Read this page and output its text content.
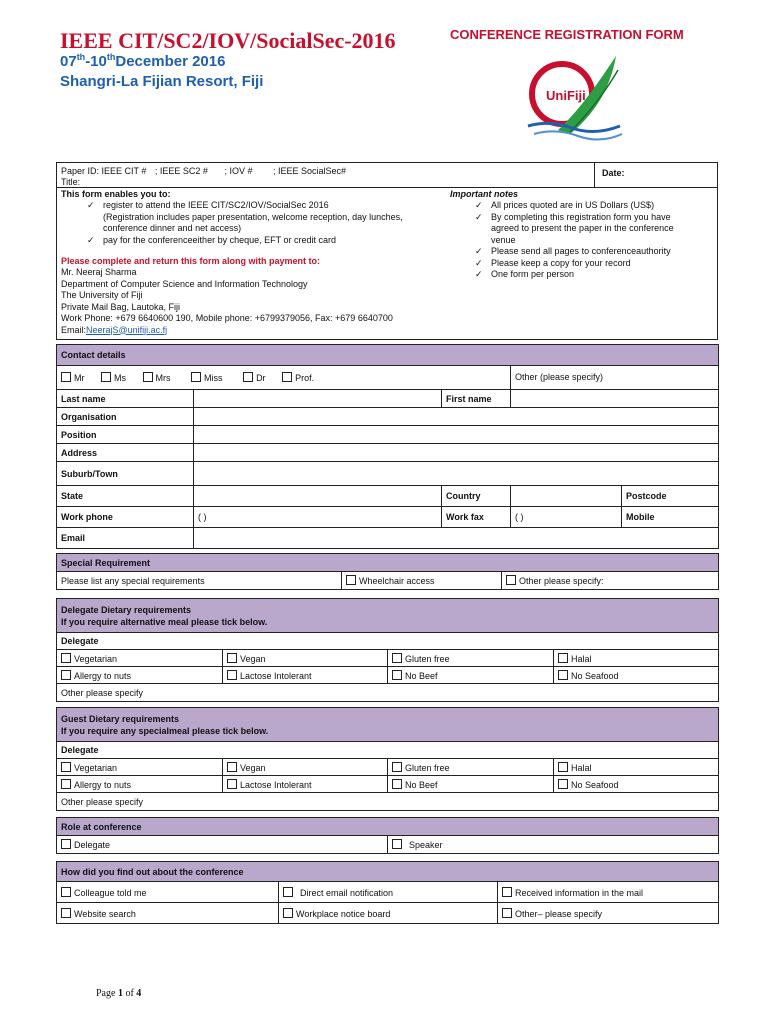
IEEE CIT/SC2/IOV/SocialSec-2016
07th-10thDecember 2016
Shangri-La Fijian Resort, Fiji
CONFERENCE REGISTRATION FORM
UniFiji
Paper ID: IEEE CIT # ; IEEE SC2 # ; IOV # ; IEEE SocialSec#
Title:
Date:
This form enables you to:
✓ register to attend the IEEE CIT/SC2/IOV/SocialSec 2016
(Registration includes paper presentation, welcome reception, day lunches,
conference dinner and net access)
✓ pay for the conferenceeither by cheque, EFT or credit card
Please complete and return this form along with payment to:
Mr. Neeraj Sharma
Department of Computer Science and Information Technology
The University of Fiji
Private Mail Bag, Lautoka, Fiji
Work Phone: +679 6640600 190, Mobile phone: +6799379056, Fax: +679 6640700
Email:NeerajS@unifiji.ac.fj
Important notes
✓ All prices quoted are in US Dollars (US$)
✓ By completing this registration form you have
agreed to present the paper in the conference
venue
✓ Please send all pages to conferenceauthority
✓ Please keep a copy for your record
✓ One form per person
Contact details				
Mr Ms Mrs Miss Dr Prof.			Other (please specify)	
Last name		First name		
Organisation				
Position				
Address				
Suburb/Town				
State		Country		Postcode
Work phone	( )	Work fax	( )	Mobile
Email				
Special Requirement
Please list any special requirements	Wheelchair access	Other please specify:
Delegate Dietary requirements
If you require alternative meal please tick below.			
Delegate			
Vegetarian	Vegan	Gluten free	Halal
Allergy to nuts	Lactose Intolerant	No Beef	No Seafood
Other please specify			
Guest Dietary requirements
If you require any specialmeal please tick below.			
Delegate			
Vegetarian	Vegan	Gluten free	Halal
Allergy to nuts	Lactose Intolerant	No Beef	No Seafood
Other please specify			
Role at conference
Delegate	Speaker
How did you find out about the conference		
Colleague told me	Direct email notification	Received information in the mail
Website search	Workplace notice board	Other– please specify
Page 1 of 4
